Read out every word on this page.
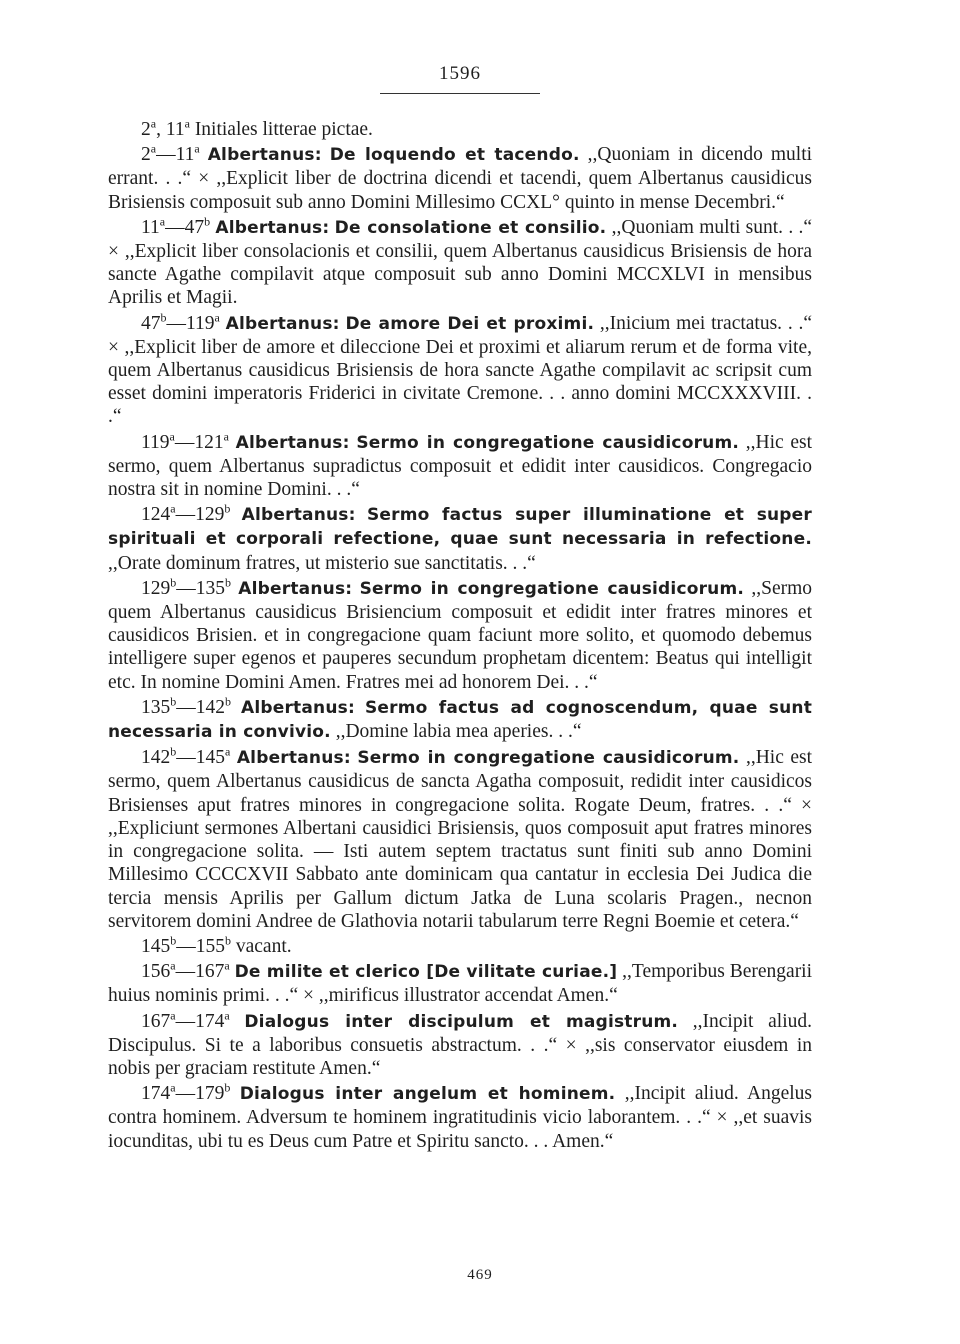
1596

2$^a$, 11$^a$ Initiales litterae pictae.

2$^a$—11$^a$ Albertanus: De loquendo et tacendo. ,,Quoniam in dicendo multi errant. . .“ × ,,Explicit liber de doctrina dicendi et tacendi, quem Albertanus causidicus Brisiensis composuit sub anno Domini Millesimo CCXL° quinto in mense Decembri.“

11$^a$—47$^b$ Albertanus: De consolatione et consilio. ,,Quoniam multi sunt. . .“ × ,,Explicit liber consolacionis et consilii, quem Albertanus causidicus Brisiensis de hora sancte Agathe compilavit atque composuit sub anno Domini MCCXLVI in mensibus Aprilis et Magii.

47$^b$—119$^a$ Albertanus: De amore Dei et proximi. ,,Inicium mei tractatus. . .“ × ,,Explicit liber de amore et dileccione Dei et proximi et aliarum rerum et de forma vite, quem Albertanus causidicus Brisiensis de hora sancte Agathe compilavit ac scripsit cum esset domini imperatoris Friderici in civitate Cremone. . . anno domini MCCXXXVIII. . .“

119$^a$—121$^a$ Albertanus: Sermo in congregatione causidicorum. ,,Hic est sermo, quem Albertanus supradictus composuit et edidit inter causidicos. Congregacio nostra sit in nomine Domini. . .“

124$^a$—129$^b$ Albertanus: Sermo factus super illuminatione et super spirituali et corporali refectione, quae sunt necessaria in refectione. ,,Orate dominum fratres, ut misterio sue sanctitatis. . .“

129$^b$—135$^b$ Albertanus: Sermo in congregatione causidicorum. ,,Sermo quem Albertanus causidicus Brisiencium composuit et edidit inter fratres minores et causidicos Brisien. et in congregacione quam faciunt more solito, et quomodo debemus intelligere super egenos et pauperes secundum prophetam dicentem: Beatus qui intelligit etc. In nomine Domini Amen. Fratres mei ad honorem Dei. . .“

135$^b$—142$^b$ Albertanus: Sermo factus ad cognoscendum, quae sunt necessaria in convivio. ,,Domine labia mea aperies. . .“

142$^b$—145$^a$ Albertanus: Sermo in congregatione causidicorum. ,,Hic est sermo, quem Albertanus causidicus de sancta Agatha composuit, redidit inter causidicos Brisienses aput fratres minores in congregacione solita. Rogate Deum, fratres. . .“ × ,,Expliciunt sermones Albertani causidici Brisiensis, quos composuit aput fratres minores in congregacione solita. — Isti autem septem tractatus sunt finiti sub anno Domini Millesimo CCCCXVII Sabbato ante dominicam qua cantatur in ecclesia Dei Judica die tercia mensis Aprilis per Gallum dictum Jatka de Luna scolaris Pragen., necnon servitorem domini Andree de Glathovia notarii tabularum terre Regni Boemie et cetera.“

145$^b$—155$^b$ vacant.

156$^a$—167$^a$ De milite et clerico [De vilitate curiae.] ,,Temporibus Berengarii huius nominis primi. . .“ × ,,mirificus illustrator accendat Amen.“

167$^a$—174$^a$ Dialogus inter discipulum et magistrum. ,,Incipit aliud. Discipulus. Si te a laboribus consuetis abstractum. . .“ × ,,sis conservator eiusdem in nobis per graciam restitute Amen.“

174$^a$—179$^b$ Dialogus inter angelum et hominem. ,,Incipit aliud. Angelus contra hominem. Adversum te hominem ingratitudinis vicio laborantem. . .“ × ,,et suavis iocunditas, ubi tu es Deus cum Patre et Spiritu sancto. . . Amen.“

469
